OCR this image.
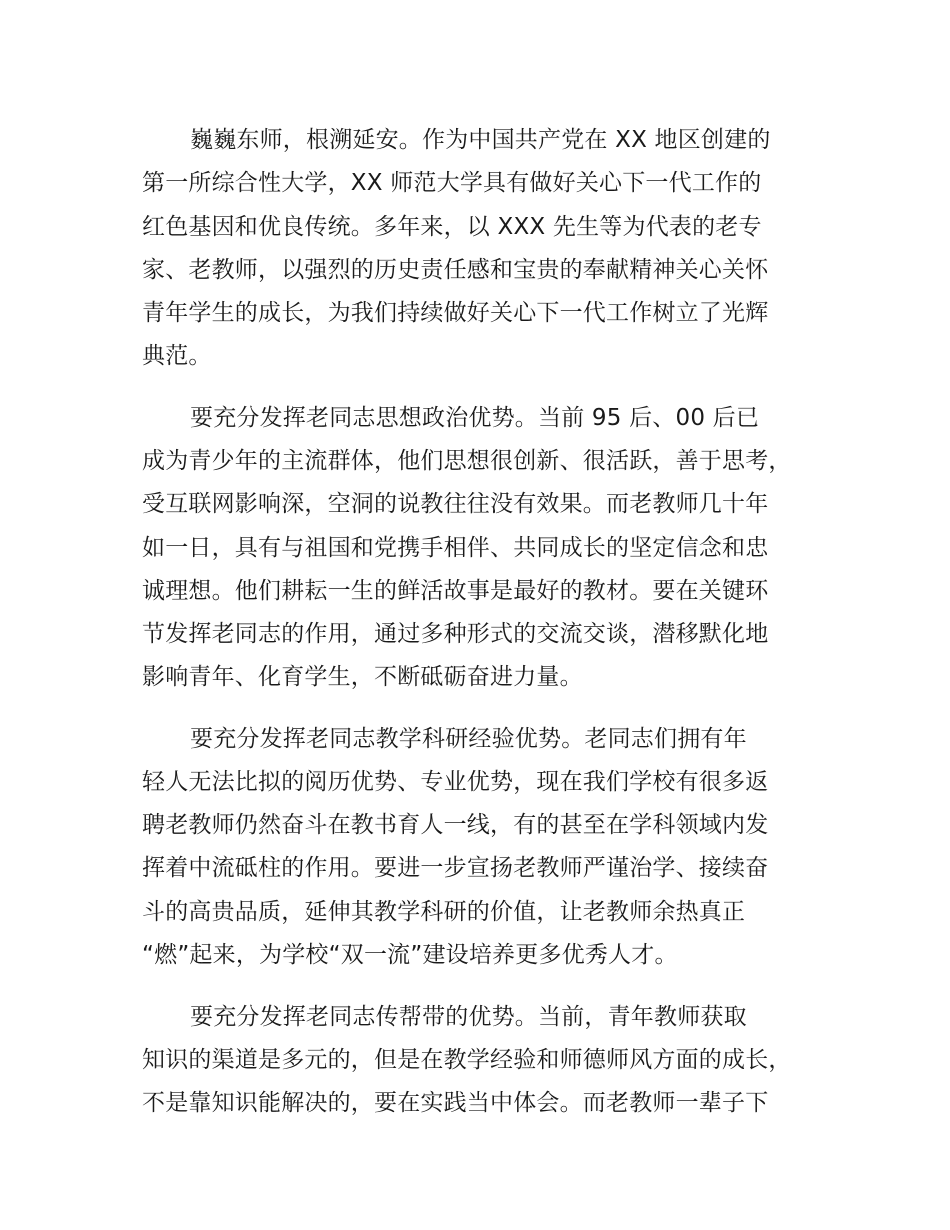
巍巍东师，根溯延安。作为中国共产党在 XX 地区创建的
第一所综合性大学，XX 师范大学具有做好关心下一代工作的
红色基因和优良传统。多年来，以 XXX 先生等为代表的老专
家、老教师，以强烈的历史责任感和宝贵的奉献精神关心关怀
青年学生的成长，为我们持续做好关心下一代工作树立了光辉
典范。
要充分发挥老同志思想政治优势。当前 95 后、00 后已
成为青少年的主流群体，他们思想很创新、很活跃，善于思考，
受互联网影响深，空洞的说教往往没有效果。而老教师几十年
如一日，具有与祖国和党携手相伴、共同成长的坚定信念和忠
诚理想。他们耕耘一生的鲜活故事是最好的教材。要在关键环
节发挥老同志的作用，通过多种形式的交流交谈，潜移默化地
影响青年、化育学生，不断砥砺奋进力量。
要充分发挥老同志教学科研经验优势。老同志们拥有年
轻人无法比拟的阅历优势、专业优势，现在我们学校有很多返
聘老教师仍然奋斗在教书育人一线，有的甚至在学科领域内发
挥着中流砥柱的作用。要进一步宣扬老教师严谨治学、接续奋
斗的高贵品质，延伸其教学科研的价值，让老教师余热真正
“燃”起来，为学校“双一流”建设培养更多优秀人才。
要充分发挥老同志传帮带的优势。当前，青年教师获取
知识的渠道是多元的，但是在教学经验和师德师风方面的成长，
不是靠知识能解决的，要在实践当中体会。而老教师一辈子下
